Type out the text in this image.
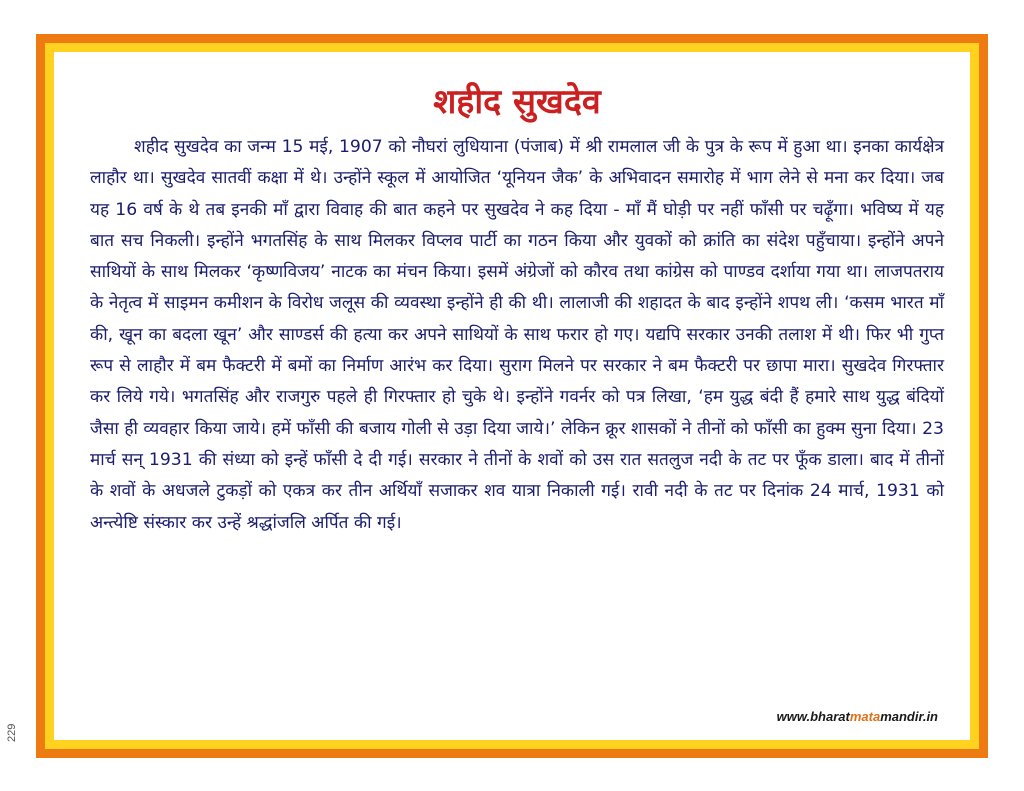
शहीद सुखदेव

शहीद सुखदेव का जन्म 15 मई, 1907 को नौघरां लुधियाना (पंजाब) में श्री रामलाल जी के पुत्र के रूप में हुआ था। इनका कार्यक्षेत्र लाहौर था। सुखदेव सातवीं कक्षा में थे। उन्होंने स्कूल में आयोजित ‘यूनियन जैक’ के अभिवादन समारोह में भाग लेने से मना कर दिया। जब यह 16 वर्ष के थे तब इनकी माँ द्वारा विवाह की बात कहने पर सुखदेव ने कह दिया - माँ मैं घोड़ी पर नहीं फाँसी पर चढ़ूँगा। भविष्य में यह बात सच निकली। इन्होंने भगतसिंह के साथ मिलकर विप्लव पार्टी का गठन किया और युवकों को क्रांति का संदेश पहुँचाया। इन्होंने अपने साथियों के साथ मिलकर ‘कृष्णविजय’ नाटक का मंचन किया। इसमें अंग्रेजों को कौरव तथा कांग्रेस को पाण्डव दर्शाया गया था। लाजपतराय के नेतृत्व में साइमन कमीशन के विरोध जलूस की व्यवस्था इन्होंने ही की थी। लालाजी की शहादत के बाद इन्होंने शपथ ली। ‘कसम भारत माँ की, खून का बदला खून’ और साण्डर्स की हत्या कर अपने साथियों के साथ फरार हो गए। यद्यपि सरकार उनकी तलाश में थी। फिर भी गुप्त रूप से लाहौर में बम फैक्टरी में बमों का निर्माण आरंभ कर दिया। सुराग मिलने पर सरकार ने बम फैक्टरी पर छापा मारा। सुखदेव गिरफ्तार कर लिये गये। भगतसिंह और राजगुरु पहले ही गिरफ्तार हो चुके थे। इन्होंने गवर्नर को पत्र लिखा, ‘हम युद्ध बंदी हैं हमारे साथ युद्ध बंदियों जैसा ही व्यवहार किया जाये। हमें फाँसी की बजाय गोली से उड़ा दिया जाये।’ लेकिन क्रूर शासकों ने तीनों को फाँसी का हुक्म सुना दिया। 23 मार्च सन् 1931 की संध्या को इन्हें फाँसी दे दी गई। सरकार ने तीनों के शवों को उस रात सतलुज नदी के तट पर फूँक डाला। बाद में तीनों के शवों के अधजले टुकड़ों को एकत्र कर तीन अर्थियाँ सजाकर शव यात्रा निकाली गई। रावी नदी के तट पर दिनांक 24 मार्च, 1931 को अन्त्येष्टि संस्कार कर उन्हें श्रद्धांजलि अर्पित की गई।

www.bharatmatamandir.in
229
